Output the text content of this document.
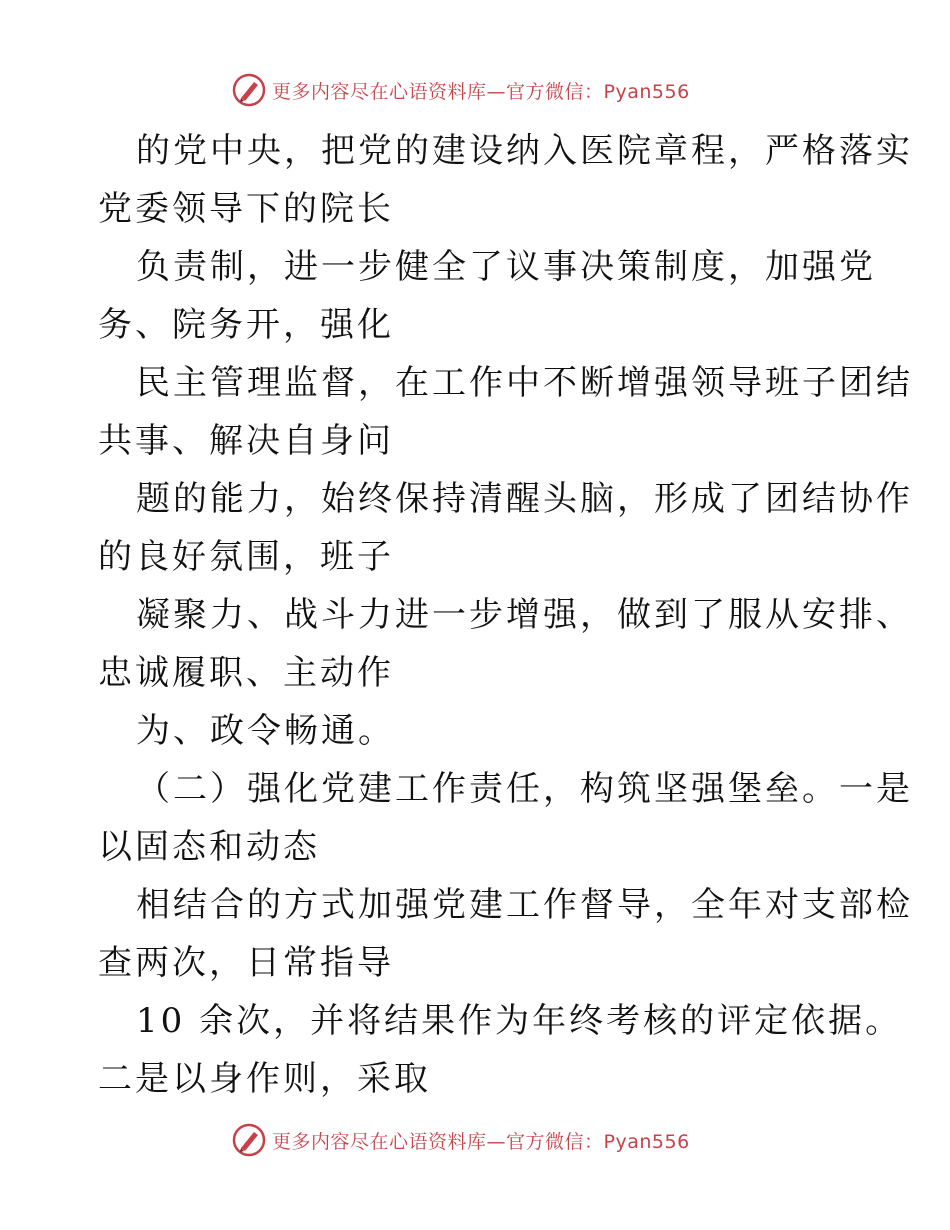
更多内容尽在心语资料库—官方微信：Pyan556
的党中央，把党的建设纳入医院章程，严格落实
党委领导下的院长
负责制，进一步健全了议事决策制度，加强党
务、院务开，强化
民主管理监督，在工作中不断增强领导班子团结
共事、解决自身问
题的能力，始终保持清醒头脑，形成了团结协作
的良好氛围，班子
凝聚力、战斗力进一步增强，做到了服从安排、
忠诚履职、主动作
为、政令畅通。
（二）强化党建工作责任，构筑坚强堡垒。一是
以固态和动态
相结合的方式加强党建工作督导，全年对支部检
查两次，日常指导
10 余次，并将结果作为年终考核的评定依据。
二是以身作则，采取
更多内容尽在心语资料库—官方微信：Pyan556
